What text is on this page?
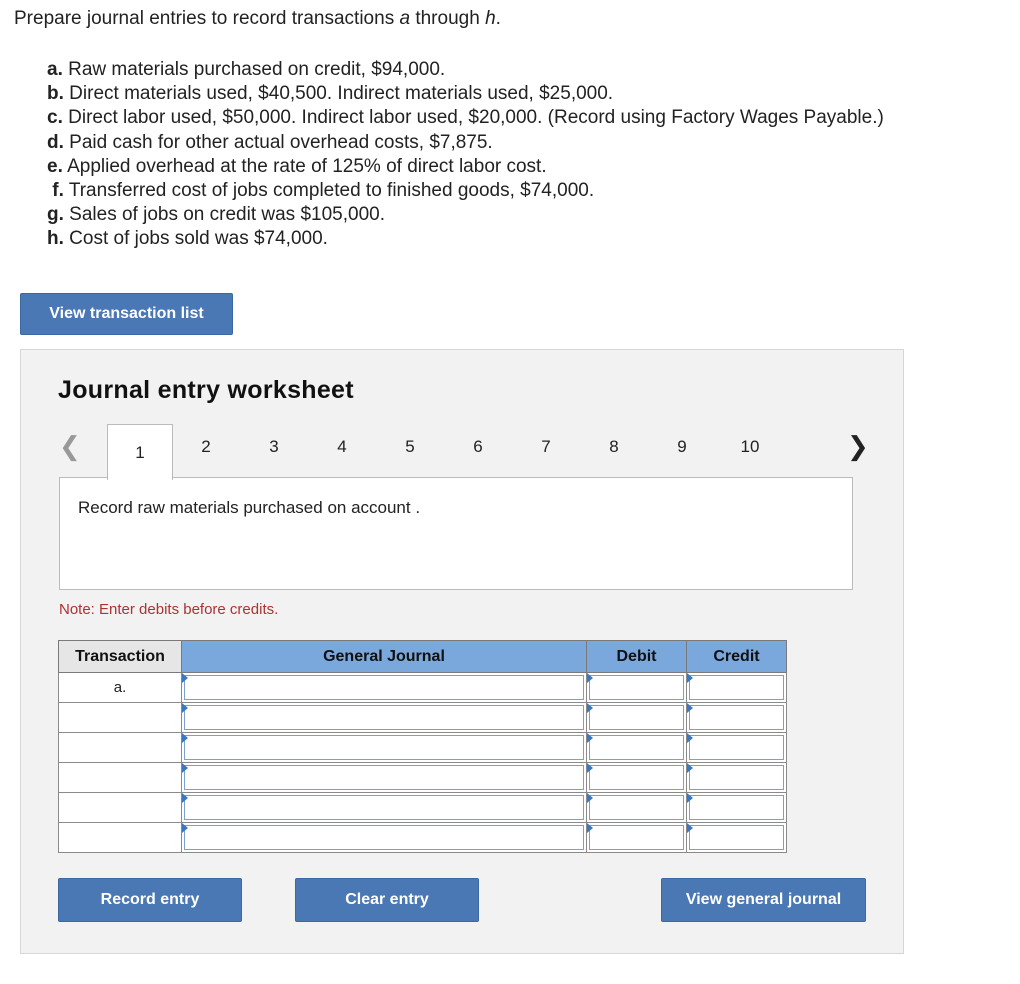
Prepare journal entries to record transactions a through h.
a. Raw materials purchased on credit, $94,000.
b. Direct materials used, $40,500. Indirect materials used, $25,000.
c. Direct labor used, $50,000. Indirect labor used, $20,000. (Record using Factory Wages Payable.)
d. Paid cash for other actual overhead costs, $7,875.
e. Applied overhead at the rate of 125% of direct labor cost.
f. Transferred cost of jobs completed to finished goods, $74,000.
g. Sales of jobs on credit was $105,000.
h. Cost of jobs sold was $74,000.
View transaction list
Journal entry worksheet
❮	1	2	3	4	5	6	7	8	9	10	❯
Record raw materials purchased on account .
Note: Enter debits before credits.
Transaction	General Journal	Debit	Credit
a.	

Record entry	Clear entry	View general journal
